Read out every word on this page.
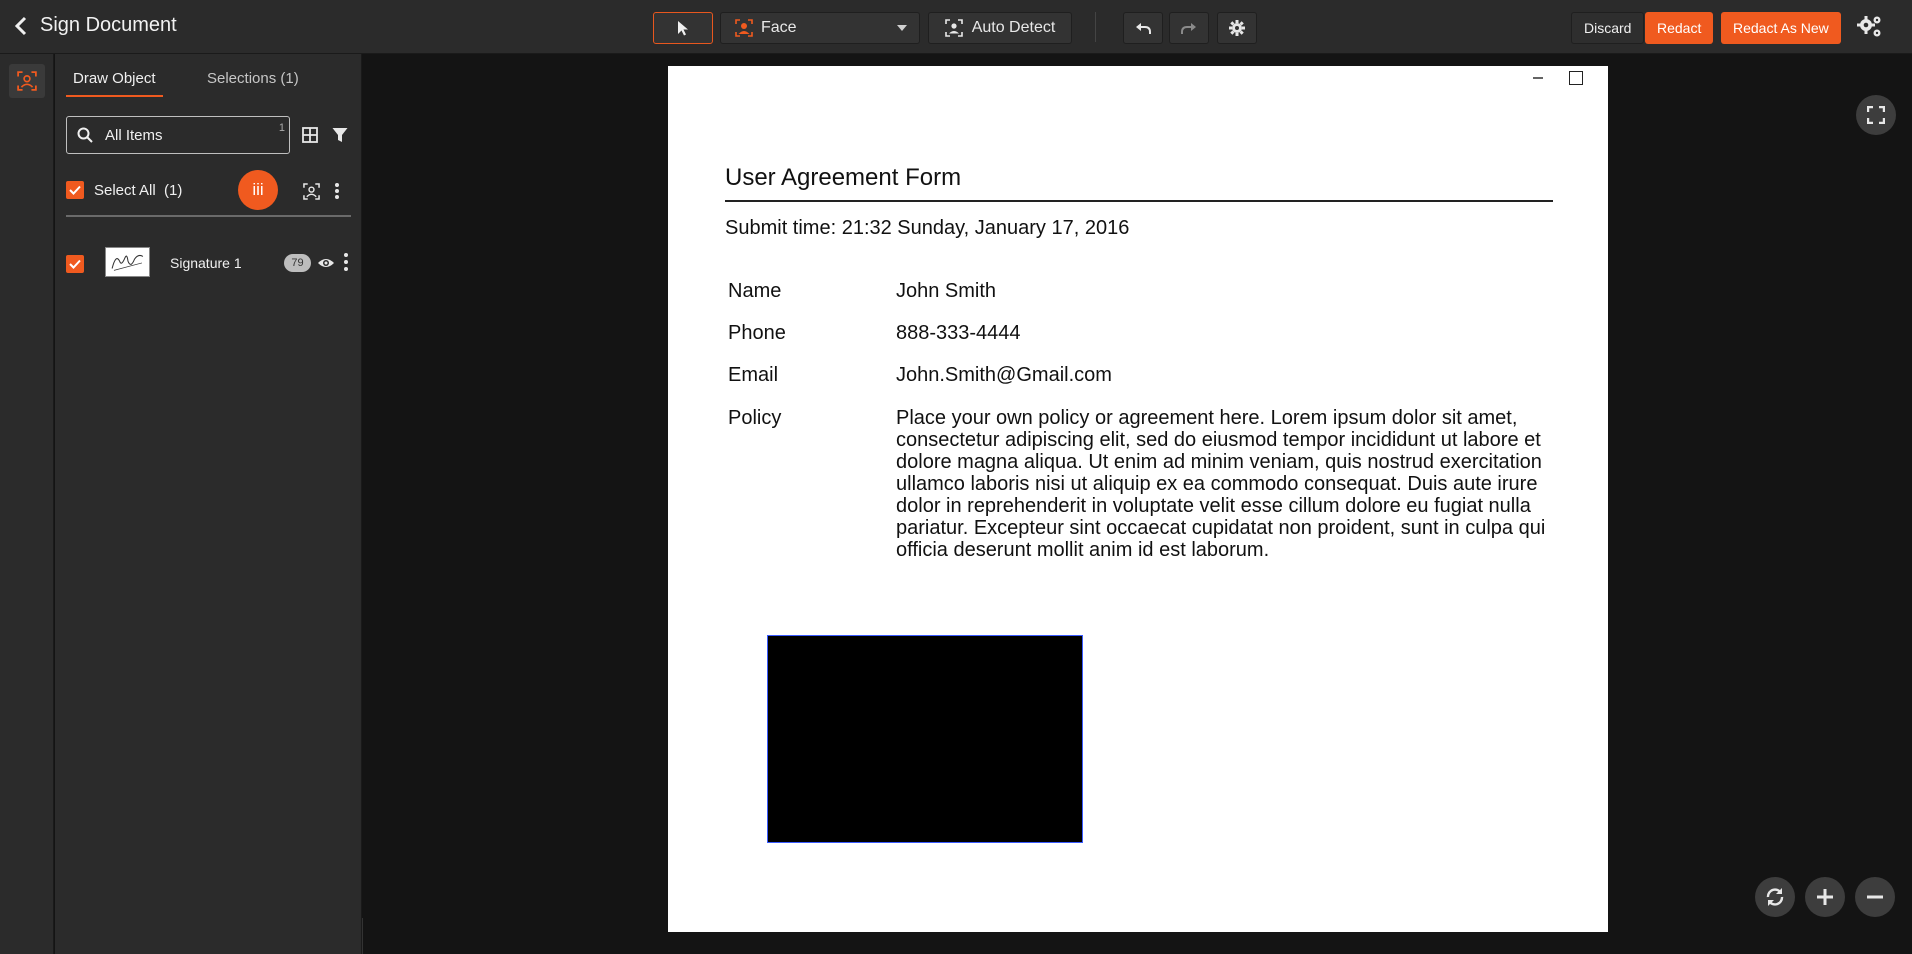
Sign Document	Face	Auto Detect	Discard	Redact	Redact As New
Draw Object	Selections (1)
All Items
1
Select All (1)	iii
Signature 1	79
User Agreement Form
Submit time: 21:32 Sunday, January 17, 2016
Name	John Smith
Phone	888-333-4444
Email	John.Smith@Gmail.com
Policy	Place your own policy or agreement here. Lorem ipsum dolor sit amet, consectetur adipiscing elit, sed do eiusmod tempor incididunt ut labore et dolore magna aliqua. Ut enim ad minim veniam, quis nostrud exercitation ullamco laboris nisi ut aliquip ex ea commodo consequat. Duis aute irure dolor in reprehenderit in voluptate velit esse cillum dolore eu fugiat nulla pariatur. Excepteur sint occaecat cupidatat non proident, sunt in culpa qui officia deserunt mollit anim id est laborum.
